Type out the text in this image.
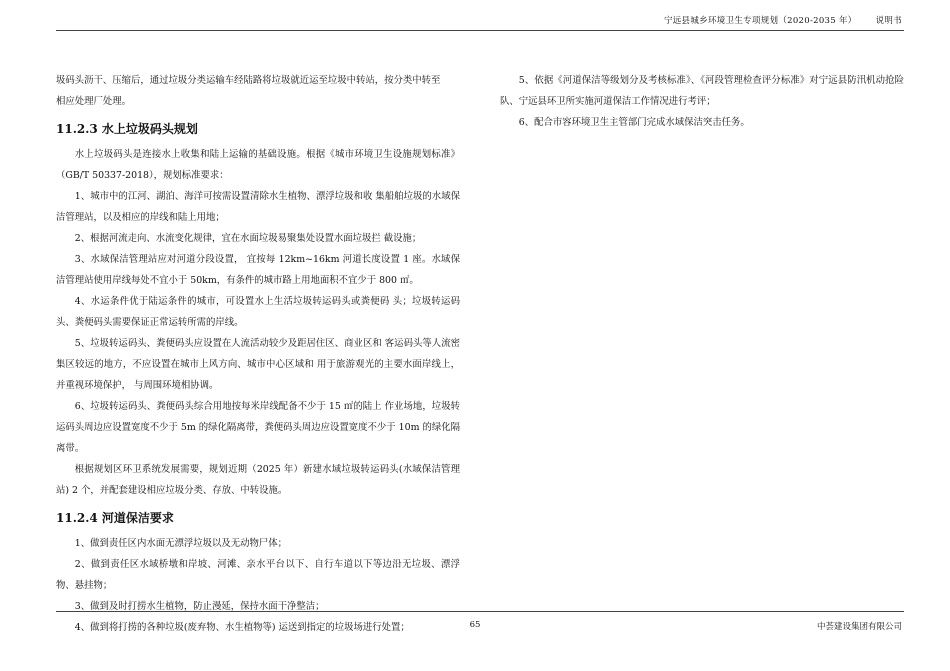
宁远县城乡环境卫生专项规划（2020-2035 年） 说明书

圾码头沥干、压缩后，通过垃圾分类运输车经陆路将垃圾就近运至垃圾中转站，按分类中转至

相应处理厂处理。

11.2.3 水上垃圾码头规划

水上垃圾码头是连接水上收集和陆上运输的基础设施。根据《城市环境卫生设施规划标准》（GB/T 50337-2018），规划标准要求：

1、城市中的江河、湖泊、海洋可按需设置清除水生植物、漂浮垃圾和收 集船舶垃圾的水域保洁管理站，以及相应的岸线和陆上用地；

2、根据河流走向、水流变化规律，宜在水面垃圾易聚集处设置水面垃圾拦 截设施；

3、水域保洁管理站应对河道分段设置， 宜按每 12km~16km 河道长度设置 1 座。水域保洁管理站使用岸线每处不宜小于 50km，有条件的城市路上用地面积不宜少于 800 ㎡。

4、水运条件优于陆运条件的城市，可设置水上生活垃圾转运码头或粪便码 头；垃圾转运码头、粪便码头需要保证正常运转所需的岸线。

5、垃圾转运码头、粪便码头应设置在人流活动较少及距居住区、商业区和 客运码头等人流密集区较远的地方，不应设置在城市上风方向、城市中心区域和 用于旅游观光的主要水面岸线上，并重视环境保护， 与周围环境相协调。

6、垃圾转运码头、粪便码头综合用地按每米岸线配备不少于 15 ㎡的陆上 作业场地，垃圾转运码头周边应设置宽度不少于 5m 的绿化隔离带，粪便码头周边应设置宽度不少于 10m 的绿化隔离带。

根据规划区环卫系统发展需要，规划近期（2025 年）新建水域垃圾转运码头(水域保洁管理站) 2 个，并配套建设相应垃圾分类、存放、中转设施。

11.2.4 河道保洁要求

1、做到责任区内水面无漂浮垃圾以及无动物尸体；

2、做到责任区水域桥墩和岸坡、河滩、亲水平台以下、自行车道以下等边沿无垃圾、漂浮物、悬挂物；

3、做到及时打捞水生植物，防止漫延，保持水面干净整洁；

4、做到将打捞的各种垃圾(废弃物、水生植物等) 运送到指定的垃圾场进行处置；

5、依据《河道保洁等级划分及考核标准》、《河段管理检查评分标准》对宁远县防汛机动抢险队、宁远县环卫所实施河道保洁工作情况进行考评；

6、配合市容环境卫生主管部门完成水域保洁突击任务。

65	中荟建设集团有限公司
